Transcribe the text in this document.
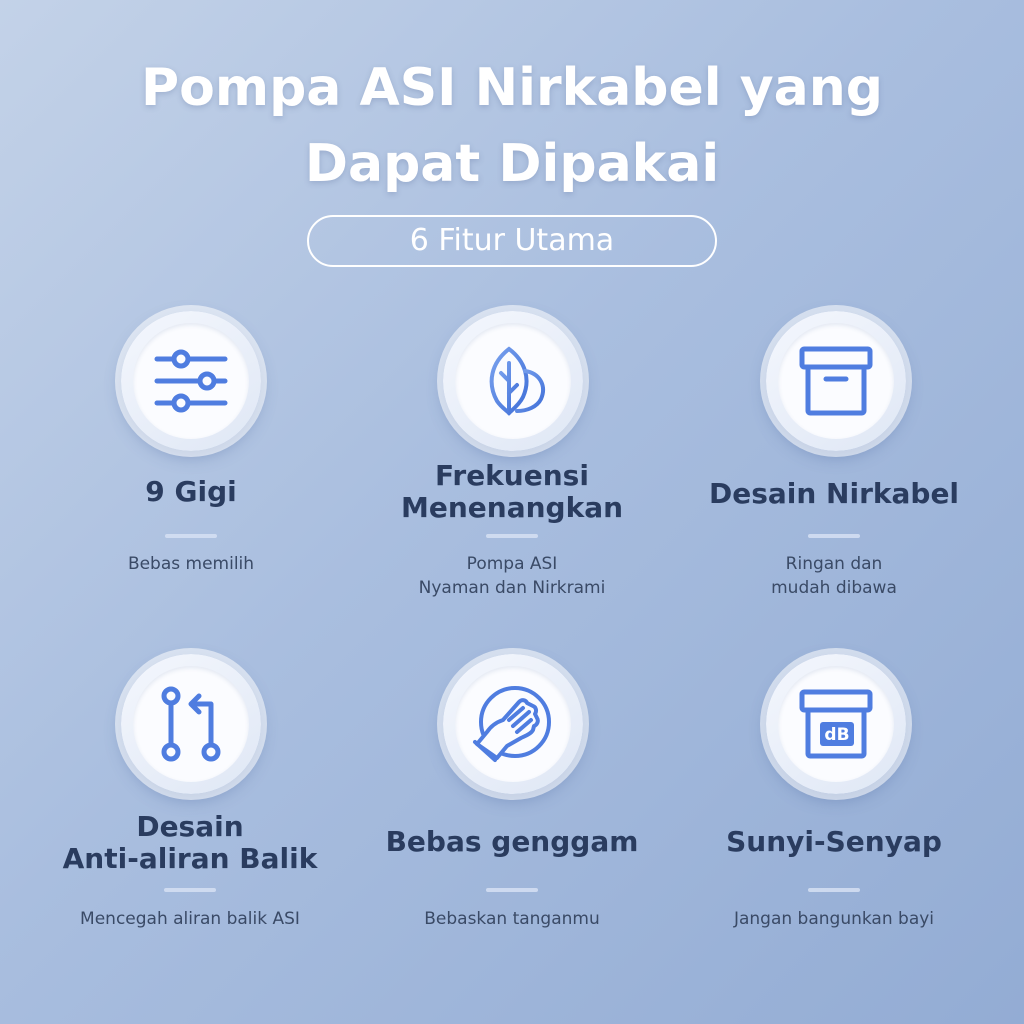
Pompa ASI Nirkabel yang
Dapat Dipakai
6 Fitur Utama
9 Gigi
Bebas memilih
Frekuensi
Menenangkan
Pompa ASI
Nyaman dan Nirkrami
Desain Nirkabel
Ringan dan
mudah dibawa
Desain
Anti-aliran Balik
Mencegah aliran balik ASI
Bebas genggam
Bebaskan tanganmu
dB
Sunyi-Senyap
Jangan bangunkan bayi
